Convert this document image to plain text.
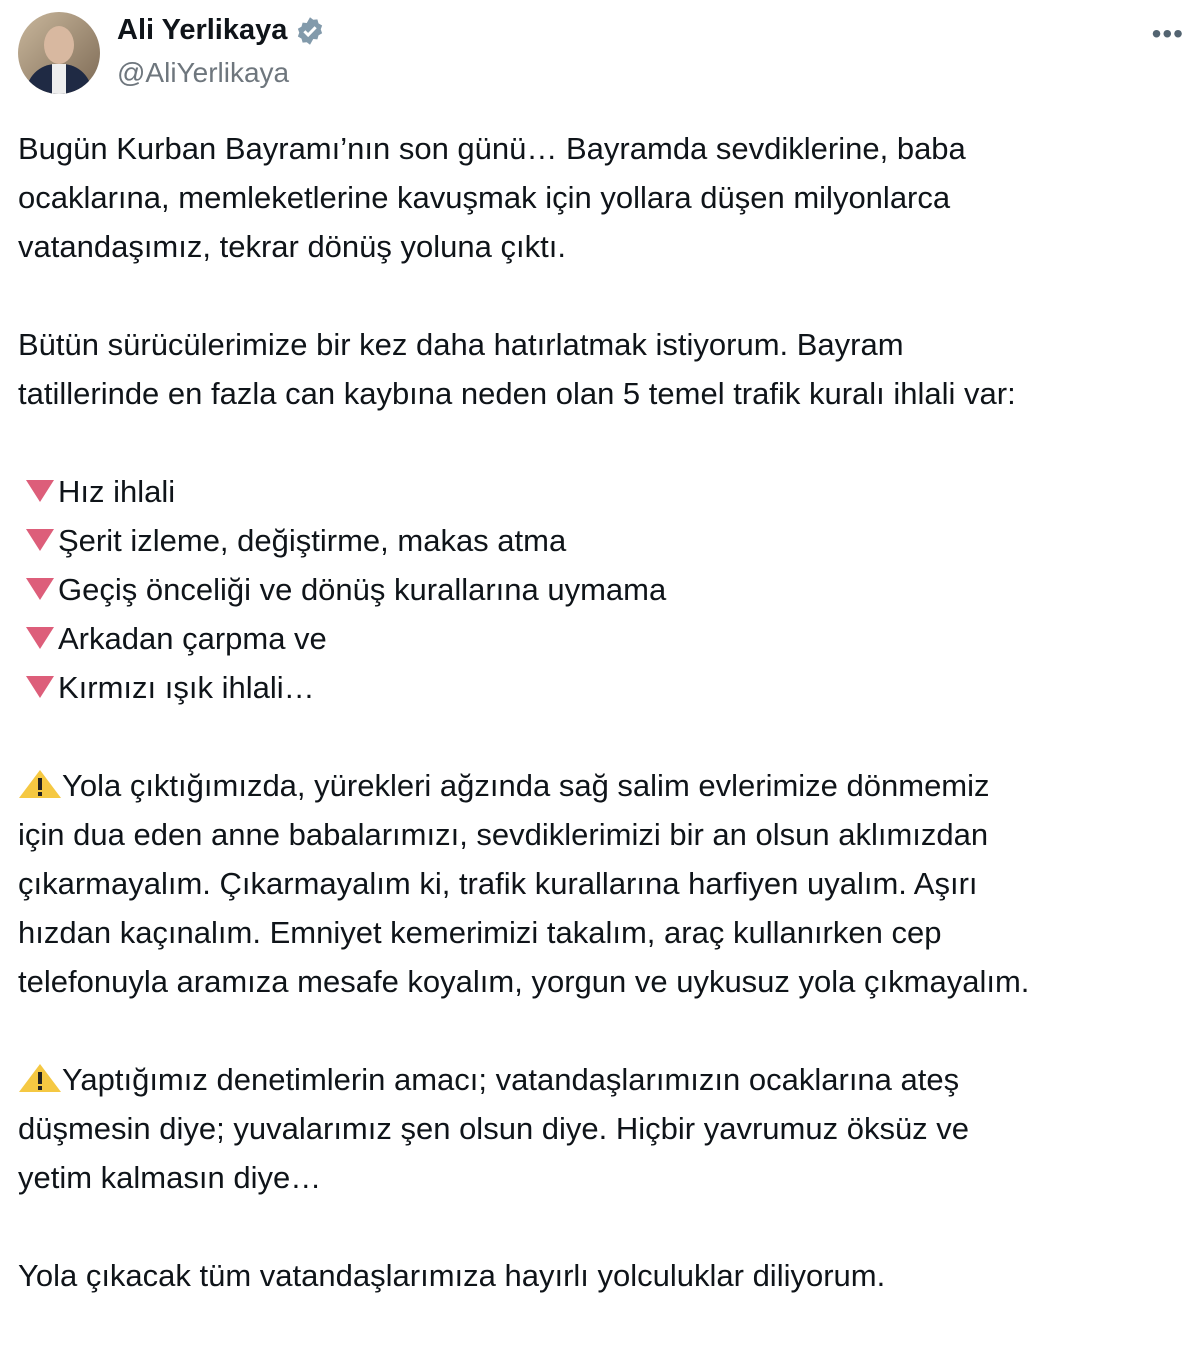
Ali Yerlikaya
@AliYerlikaya
•••
Bugün Kurban Bayramı’nın son günü… Bayramda sevdiklerine, baba
ocaklarına, memleketlerine kavuşmak için yollara düşen milyonlarca
vatandaşımız, tekrar dönüş yoluna çıktı.
Bütün sürücülerimize bir kez daha hatırlatmak istiyorum. Bayram
tatillerinde en fazla can kaybına neden olan 5 temel trafik kuralı ihlali var:
Hız ihlali
Şerit izleme, değiştirme, makas atma
Geçiş önceliği ve dönüş kurallarına uymama
Arkadan çarpma ve
Kırmızı ışık ihlali…
Yola çıktığımızda, yürekleri ağzında sağ salim evlerimize dönmemiz
için dua eden anne babalarımızı, sevdiklerimizi bir an olsun aklımızdan
çıkarmayalım. Çıkarmayalım ki, trafik kurallarına harfiyen uyalım. Aşırı
hızdan kaçınalım. Emniyet kemerimizi takalım, araç kullanırken cep
telefonuyla aramıza mesafe koyalım, yorgun ve uykusuz yola çıkmayalım.
Yaptığımız denetimlerin amacı; vatandaşlarımızın ocaklarına ateş
düşmesin diye; yuvalarımız şen olsun diye. Hiçbir yavrumuz öksüz ve
yetim kalmasın diye…
Yola çıkacak tüm vatandaşlarımıza hayırlı yolculuklar diliyorum.
